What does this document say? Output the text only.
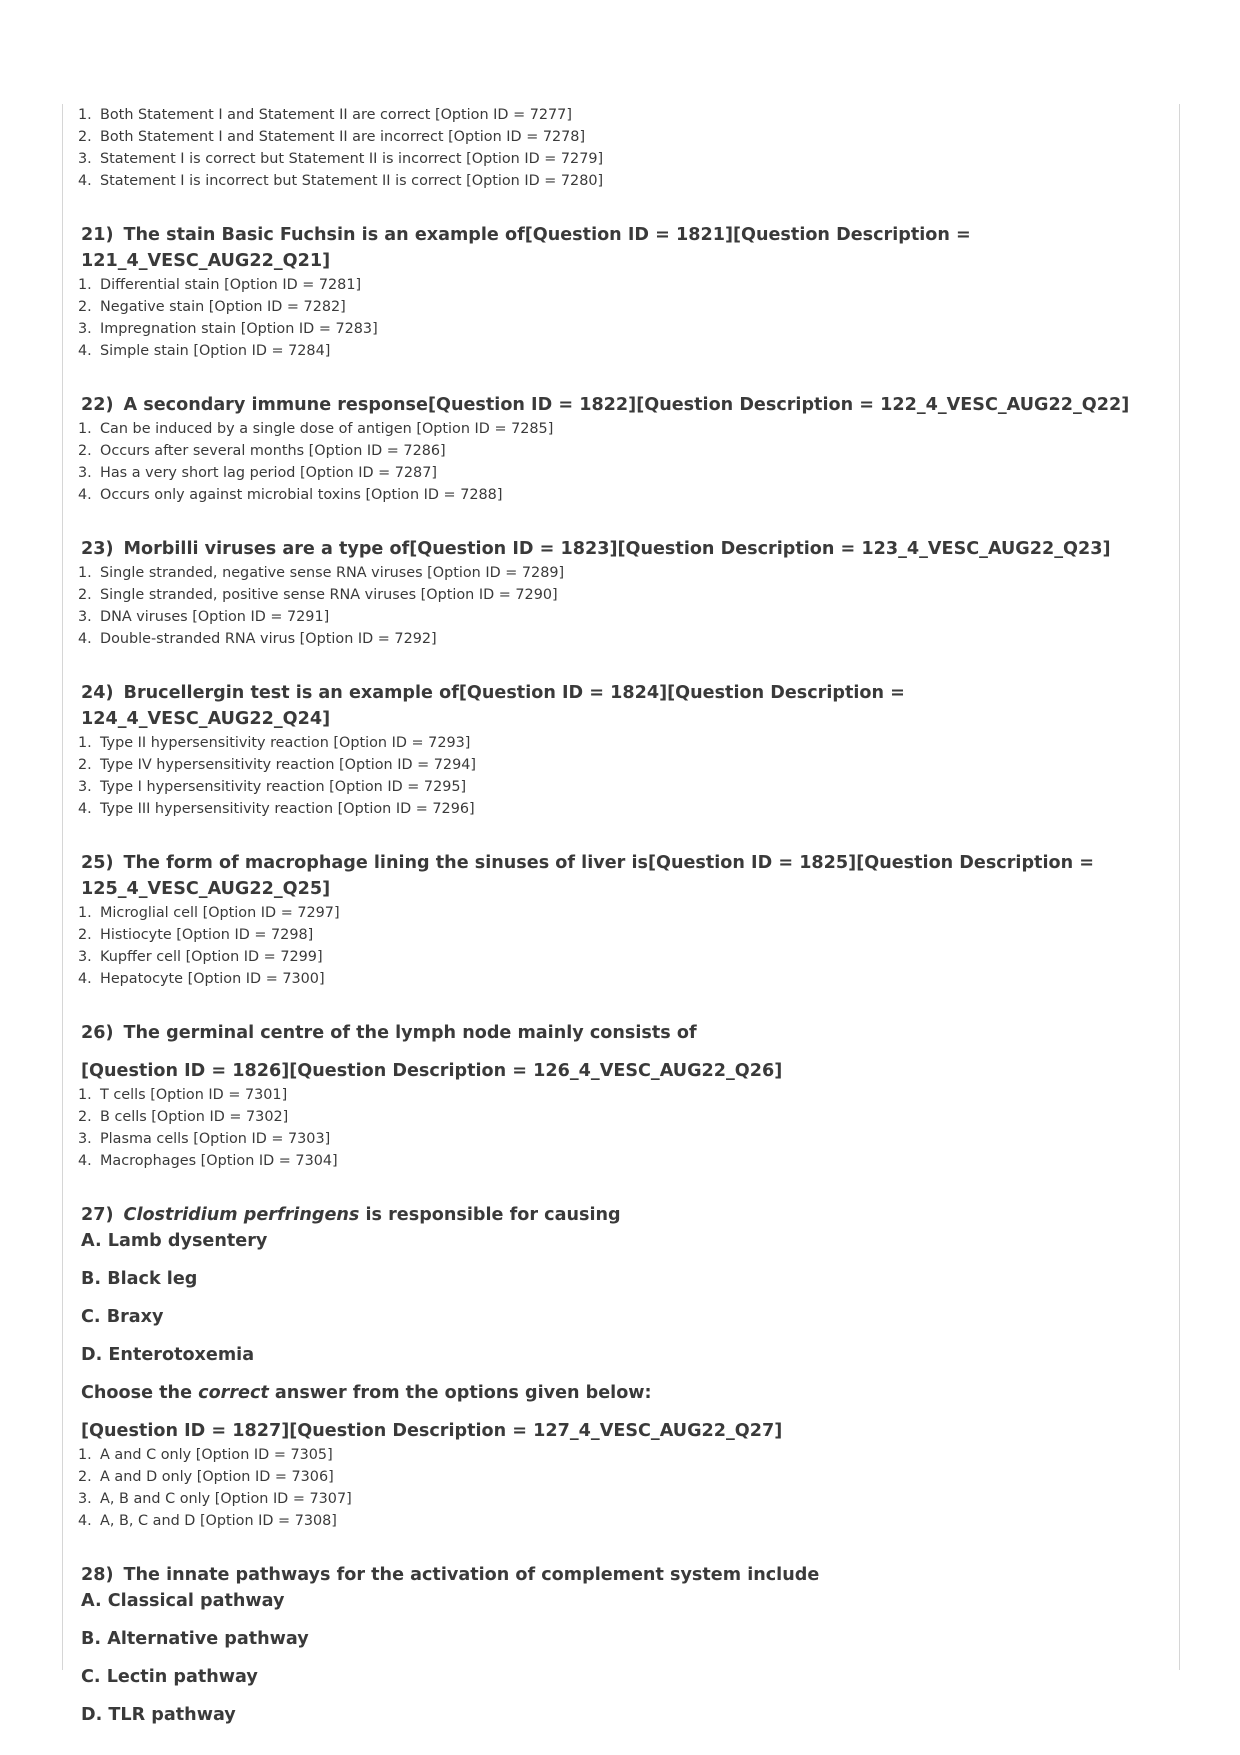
1. Both Statement I and Statement II are correct [Option ID = 7277]
2. Both Statement I and Statement II are incorrect [Option ID = 7278]
3. Statement I is correct but Statement II is incorrect [Option ID = 7279]
4. Statement I is incorrect but Statement II is correct [Option ID = 7280]
21) The stain Basic Fuchsin is an example of[Question ID = 1821][Question Description = 121_4_VESC_AUG22_Q21]
1. Differential stain [Option ID = 7281]
2. Negative stain [Option ID = 7282]
3. Impregnation stain [Option ID = 7283]
4. Simple stain [Option ID = 7284]
22) A secondary immune response[Question ID = 1822][Question Description = 122_4_VESC_AUG22_Q22]
1. Can be induced by a single dose of antigen [Option ID = 7285]
2. Occurs after several months [Option ID = 7286]
3. Has a very short lag period [Option ID = 7287]
4. Occurs only against microbial toxins [Option ID = 7288]
23) Morbilli viruses are a type of[Question ID = 1823][Question Description = 123_4_VESC_AUG22_Q23]
1. Single stranded, negative sense RNA viruses [Option ID = 7289]
2. Single stranded, positive sense RNA viruses [Option ID = 7290]
3. DNA viruses [Option ID = 7291]
4. Double-stranded RNA virus [Option ID = 7292]
24) Brucellergin test is an example of[Question ID = 1824][Question Description = 124_4_VESC_AUG22_Q24]
1. Type II hypersensitivity reaction [Option ID = 7293]
2. Type IV hypersensitivity reaction [Option ID = 7294]
3. Type I hypersensitivity reaction [Option ID = 7295]
4. Type III hypersensitivity reaction [Option ID = 7296]
25) The form of macrophage lining the sinuses of liver is[Question ID = 1825][Question Description = 125_4_VESC_AUG22_Q25]
1. Microglial cell [Option ID = 7297]
2. Histiocyte [Option ID = 7298]
3. Kupffer cell [Option ID = 7299]
4. Hepatocyte [Option ID = 7300]
26) The germinal centre of the lymph node mainly consists of
[Question ID = 1826][Question Description = 126_4_VESC_AUG22_Q26]
1. T cells [Option ID = 7301]
2. B cells [Option ID = 7302]
3. Plasma cells [Option ID = 7303]
4. Macrophages [Option ID = 7304]
27) Clostridium perfringens is responsible for causing
A. Lamb dysentery
B. Black leg
C. Braxy
D. Enterotoxemia
Choose the correct answer from the options given below:
[Question ID = 1827][Question Description = 127_4_VESC_AUG22_Q27]
1. A and C only [Option ID = 7305]
2. A and D only [Option ID = 7306]
3. A, B and C only [Option ID = 7307]
4. A, B, C and D [Option ID = 7308]
28) The innate pathways for the activation of complement system include
A. Classical pathway
B. Alternative pathway
C. Lectin pathway
D. TLR pathway
